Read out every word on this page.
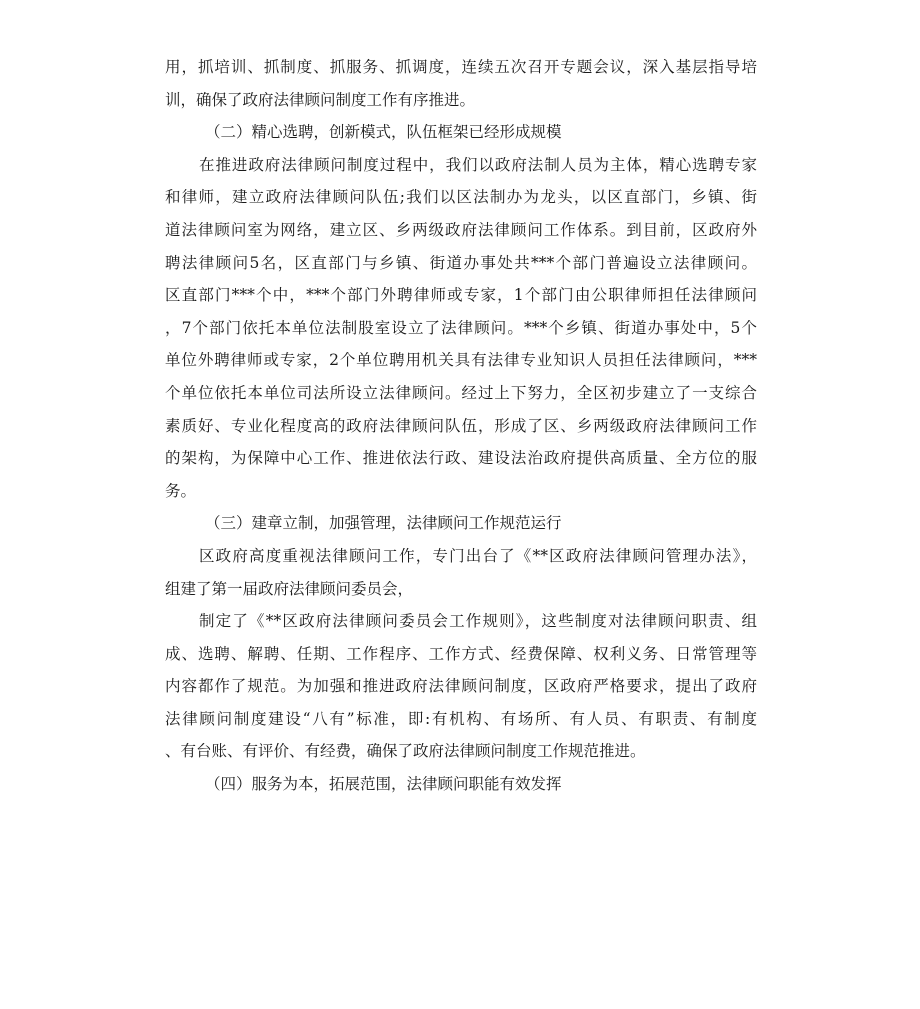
用，抓培训、抓制度、抓服务、抓调度，连续五次召开专题会议，深入基层指导培
训，确保了政府法律顾问制度工作有序推进。
（二）精心选聘，创新模式，队伍框架已经形成规模
在推进政府法律顾问制度过程中，我们以政府法制人员为主体，精心选聘专家
和律师，建立政府法律顾问队伍;我们以区法制办为龙头，以区直部门，乡镇、街
道法律顾问室为网络，建立区、乡两级政府法律顾问工作体系。到目前，区政府外
聘法律顾问5名，区直部门与乡镇、街道办事处共***个部门普遍设立法律顾问。
区直部门***个中，***个部门外聘律师或专家，1个部门由公职律师担任法律顾问
，7个部门依托本单位法制股室设立了法律顾问。***个乡镇、街道办事处中，5个
单位外聘律师或专家，2个单位聘用机关具有法律专业知识人员担任法律顾问，***
个单位依托本单位司法所设立法律顾问。经过上下努力，全区初步建立了一支综合
素质好、专业化程度高的政府法律顾问队伍，形成了区、乡两级政府法律顾问工作
的架构，为保障中心工作、推进依法行政、建设法治政府提供高质量、全方位的服
务。
（三）建章立制，加强管理，法律顾问工作规范运行
区政府高度重视法律顾问工作，专门出台了《**区政府法律顾问管理办法》，
组建了第一届政府法律顾问委员会，
制定了《**区政府法律顾问委员会工作规则》，这些制度对法律顾问职责、组
成、选聘、解聘、任期、工作程序、工作方式、经费保障、权利义务、日常管理等
内容都作了规范。为加强和推进政府法律顾问制度，区政府严格要求，提出了政府
法律顾问制度建设“八有”标准，即:有机构、有场所、有人员、有职责、有制度
、有台账、有评价、有经费，确保了政府法律顾问制度工作规范推进。
（四）服务为本，拓展范围，法律顾问职能有效发挥
